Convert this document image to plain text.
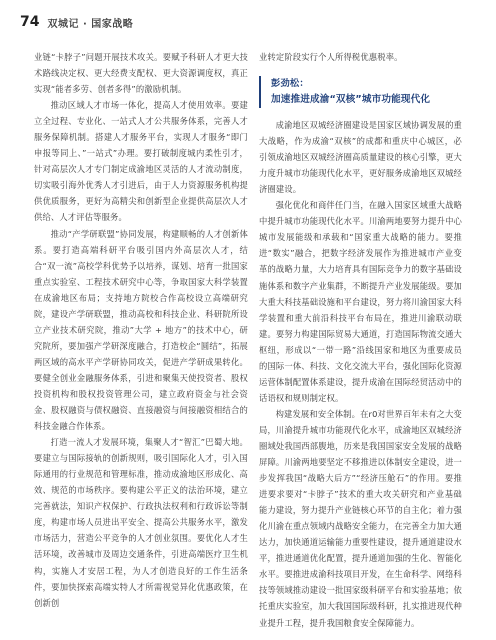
74 双城记 · 国家战略

业链“卡脖子”问题开展技术攻关。要赋予科研人才更大技术路线决定权、更大经费支配权、更大资源调度权，真正实现“能者多劳、创者多得”的激励机制。

推动区域人才市场一体化，提高人才使用效率。要建立全过程、专业化、一站式人才公共服务体系，完善人才服务保障机制。搭建人才服务平台，实现人才服务“即门申报等同上、”一站式”办理。要打破制度城内柔性引才，针对高层次人才专门制定成渝地区灵活的人才流动制度，切实吸引海外优秀人才引进后，由于人力资源服务机构提供优质服务，更好为高精尖和创新型企业提供高层次人才供给、人才评估等服务。

推动“产学研联盟”协同发展，构建顺畅的人才创新体系。要打造高端科研平台吸引国内外高层次人才，结合“双一流”高校学科优势予以培养，谋划、培育一批国家重点实验室、工程技术研究中心等，争取国家大科学装置在成渝地区布局；支持地方院校合作高校设立高端研究院，建设产学研联盟，推动高校和科技企业、科研院所设立产业技术研究院，推动”大学 + 地方”的技术中心，研究院所，要加强产学研深度融合，打造校企“圆结”，拓展两区域的高水平产学研协同攻关，促进产学研成果转化。要健全创业金融服务体系，引进和聚集天使投资者、股权投资机构和股权投资管理公司，建立政府资金与社会资金、股权融资与债权融资、直接融资与间接融资相结合的科技金融合作体系。

打造一流人才发展环境，集聚人才“智汇”巴蜀大地。要建立与国际接轨的创新规则，吸引国际化人才，引入国际通用的行业规范和管理标准，推动成渝地区形成化、高效、规范的市场秩序。要构建公平正义的法治环境，建立完善就法，知识产权保护、行政执法权利和行政诉讼等制度，构建市场人员进出平安全、提高公共服务水平，激发市场活力，营造公平竞争的人才创业氛围。要优化人才生活环境，改善城市及周边交通条件，引进高端医疗卫生机构，实施人才安居工程，为人才创造良好的工作生活条件，要加快探索高端实特人才所需视觉异化优惠政策，在创新创

业转定阶段实行个人所得税优惠税率。

彭劲松：
加速推进成渝“双核”城市功能现代化

成渝地区双城经济圈建设是国家区域协调发展的重大战略，作为成渝“双核”的成都和重庆中心城区，必引领成渝地区双城经济圈高质量建设的核心引擎，更大力度升城市功能现代化水平，更好服务成渝地区双城经济圈建设。

强化优化和商伴任门当，在融入国家区域重大战略中提升城市功能现代化水平。川渝两地要努力提升中心城市发展能级和承载和“国家重大战略的能力。要推进“数实”融合，把数字经济发展作为推进城市产业变革的战略力量，大力培育具有国际竞争力的数字基础设施体系和数字产业集群，不断提升产业发展能级。要加大重大科技基础设施和平台建设，努力将川渝国家大科学装置和重大前沿科技平台布局在，推进川渝联动联建。要努力构建国际贸易大通道，打造国际物流交通大枢纽，形成以“一带一路”沿线国家和地区为重要成员的国际一体、科技、文化交流大平台，强化国际化资源运营体制配置体系建设，提升成渝在国际经贸活动中的话语权和规则制定权。

构建发展和安全体制。在r0对世界百年未有之大变局，川渝提升城市功能现代化水平，成渝地区双城经济圈域处我国西部腹地，历来是我国国家安全发展的战略屏障。川渝两地要坚定不移推进以体制安全建设，进一步发挥我国“战略大后方”“经济压舱石”的作用。要推进要求要对“卡脖子”技术的重大攻关研究和产业基础能力建设，努力提升产业链核心环节的自主化；着力强化川渝在重点领域内战略安全能力，在完善全力加大通达力，加快通道运输能力重要性建设，提升通道建设水平，推进通道优化配置，提升通道加强的生化、智能化水平。要推进成渝科技项目开发，在生命科学、网络科技等领域推动建设一批国家级科研平台和实验基地；依托重庆实验室，加大我国国际级科研，扎实推进现代种业提升工程，提升我国粮食安全保障能力。
